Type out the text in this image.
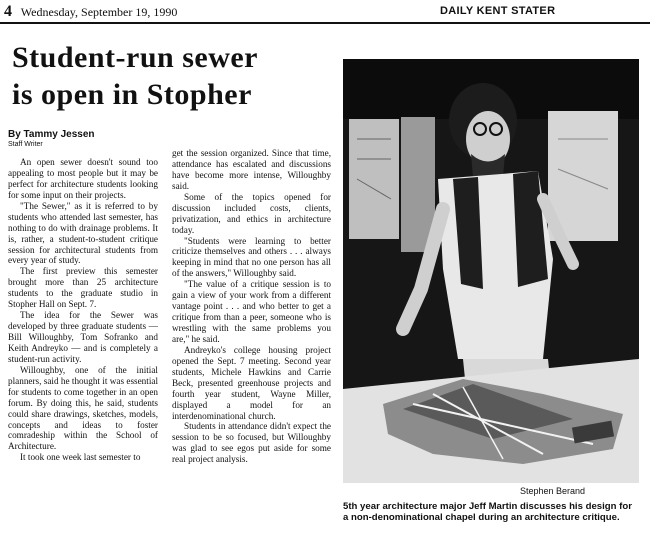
4 Wednesday, September 19, 1990	DAILY KENT STATER
Student-run sewer
is open in Stopher
By Tammy Jessen
Staff Writer

An open sewer doesn't sound too appealing to most people but it may be perfect for architecture students looking for some input on their projects.

"The Sewer," as it is referred to by students who attended last semester, has nothing to do with drainage problems. It is, rather, a student-to-student critique session for architectural students from every year of study.

The first preview this semester brought more than 25 architecture students to the graduate studio in Stopher Hall on Sept. 7.

The idea for the Sewer was developed by three graduate students — Bill Willoughby, Tom Sofranko and Keith Andreyko — and is completely a student-run activity.

Willoughby, one of the initial planners, said he thought it was essential for students to come together in an open forum. By doing this, he said, students could share drawings, sketches, models, concepts and ideas to foster comradeship within the School of Architecture.

It took one week last semester to

get the session organized. Since that time, attendance has escalated and discussions have become more intense, Willoughby said.

Some of the topics opened for discussion included costs, clients, privatization, and ethics in architecture today.

"Students were learning to better criticize themselves and others . . . always keeping in mind that no one person has all of the answers," Willoughby said.

"The value of a critique session is to gain a view of your work from a different vantage point . . . and who better to get a critique from than a peer, someone who is wrestling with the same problems you are," he said.

Andreyko's college housing project opened the Sept. 7 meeting. Second year students, Michele Hawkins and Carrie Beck, presented greenhouse projects and fourth year student, Wayne Miller, displayed a model for an interdenominational church.

Students in attendance didn't expect the session to be so focused, but Willoughby was glad to see egos put aside for some real project analysis.

Stephen Berand
5th year architecture major Jeff Martin discusses his design for a non-denominational chapel during an architecture critique.
